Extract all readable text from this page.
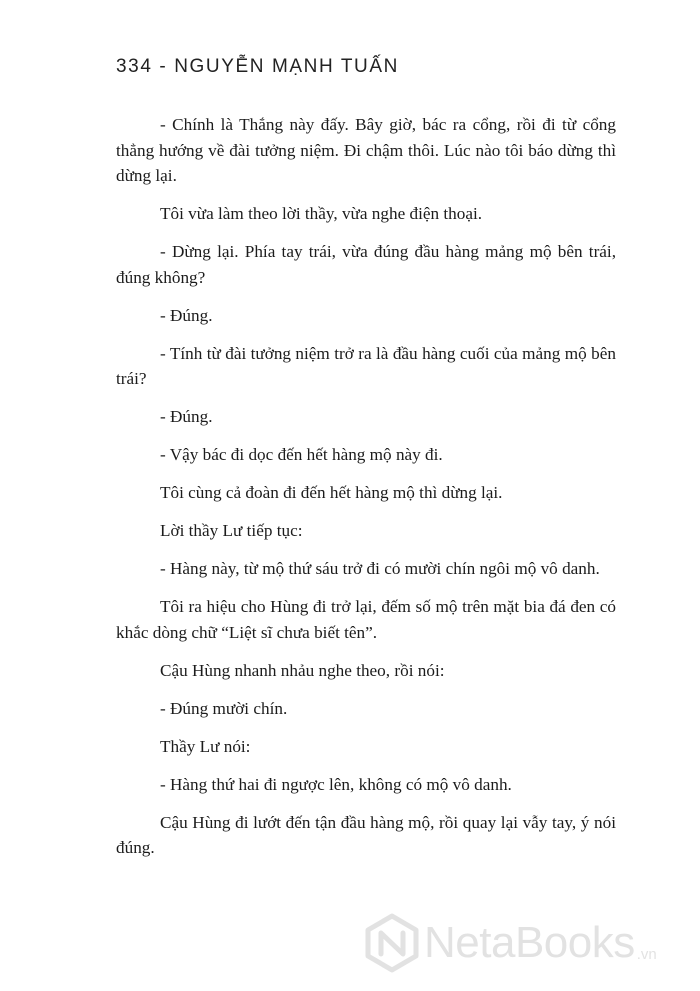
334 - NGUYỄN MẠNH TUẤN

- Chính là Thắng này đấy. Bây giờ, bác ra cổng, rồi đi từ cổng thẳng hướng về đài tưởng niệm. Đi chậm thôi. Lúc nào tôi báo dừng thì dừng lại.

Tôi vừa làm theo lời thầy, vừa nghe điện thoại.

- Dừng lại. Phía tay trái, vừa đúng đầu hàng mảng mộ bên trái, đúng không?

- Đúng.

- Tính từ đài tưởng niệm trở ra là đầu hàng cuối của mảng mộ bên trái?

- Đúng.

- Vậy bác đi dọc đến hết hàng mộ này đi.

Tôi cùng cả đoàn đi đến hết hàng mộ thì dừng lại.

Lời thầy Lư tiếp tục:

- Hàng này, từ mộ thứ sáu trở đi có mười chín ngôi mộ vô danh.

Tôi ra hiệu cho Hùng đi trở lại, đếm số mộ trên mặt bia đá đen có khắc dòng chữ “Liệt sĩ chưa biết tên”.

Cậu Hùng nhanh nhảu nghe theo, rồi nói:

- Đúng mười chín.

Thầy Lư nói:

- Hàng thứ hai đi ngược lên, không có mộ vô danh.

Cậu Hùng đi lướt đến tận đầu hàng mộ, rồi quay lại vẫy tay, ý nói đúng.

NetaBooks .vn
